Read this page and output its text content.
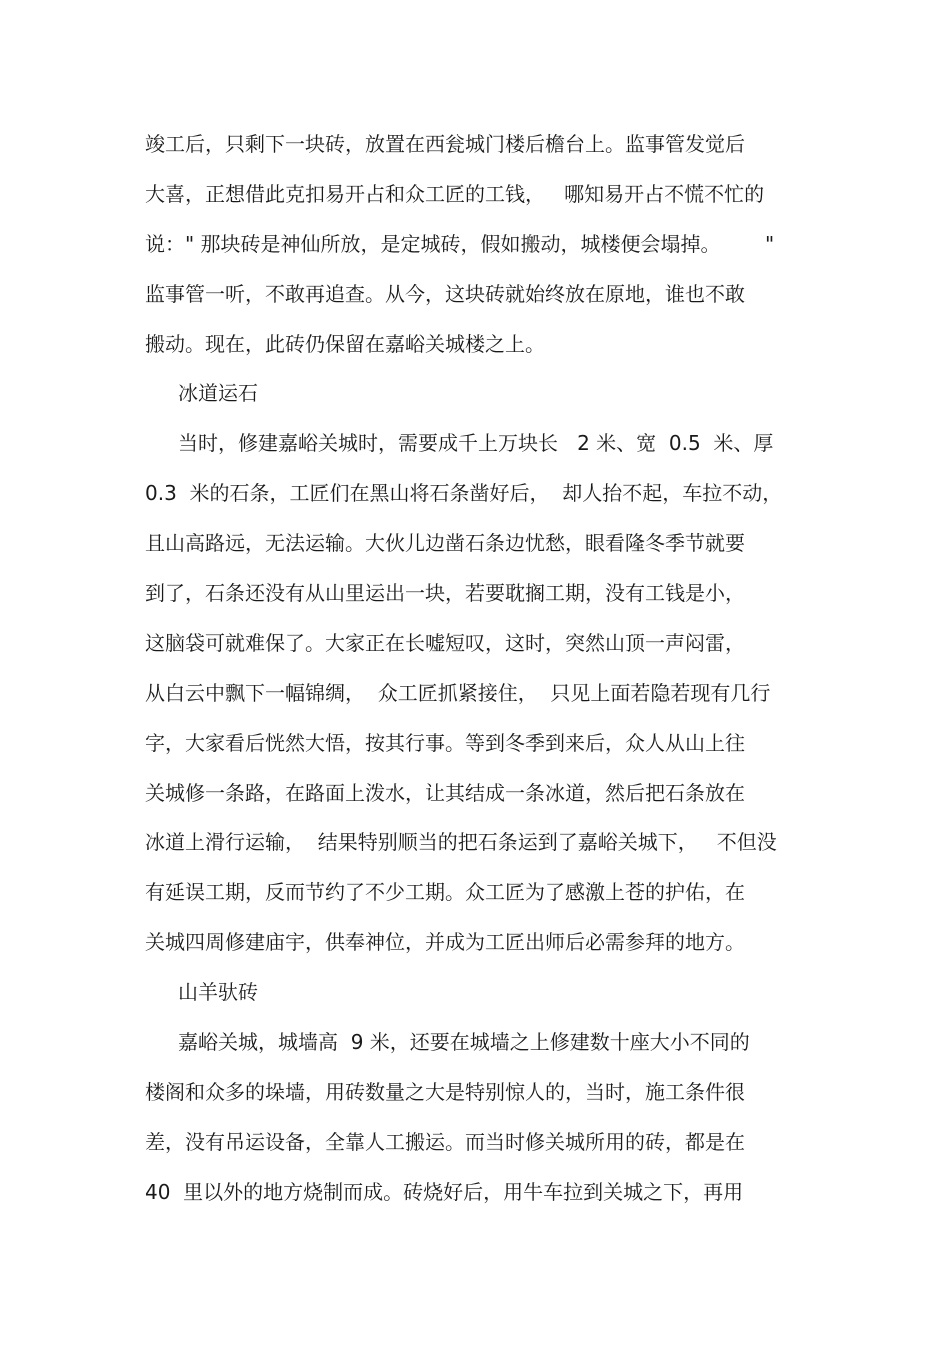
竣工后，只剩下一块砖，放置在西瓮城门楼后檐台上。监事管发觉后
大喜，正想借此克扣易开占和众工匠的工钱，   哪知易开占不慌不忙的
说：" 那块砖是神仙所放，是定城砖，假如搬动，城楼便会塌掉。       "
监事管一听，不敢再追查。从今，这块砖就始终放在原地，谁也不敢
搬动。现在，此砖仍保留在嘉峪关城楼之上。
冰道运石
当时，修建嘉峪关城时，需要成千上万块长   2 米、宽  0.5  米、厚
0.3  米的石条，工匠们在黑山将石条凿好后，  却人抬不起，车拉不动，
且山高路远，无法运输。大伙儿边凿石条边忧愁，眼看隆冬季节就要
到了，石条还没有从山里运出一块，若要耽搁工期，没有工钱是小，
这脑袋可就难保了。大家正在长嘘短叹，这时，突然山顶一声闷雷，
从白云中飘下一幅锦绸，  众工匠抓紧接住，  只见上面若隐若现有几行
字，大家看后恍然大悟，按其行事。等到冬季到来后，众人从山上往
关城修一条路，在路面上泼水，让其结成一条冰道，然后把石条放在
冰道上滑行运输，  结果特别顺当的把石条运到了嘉峪关城下，   不但没
有延误工期，反而节约了不少工期。众工匠为了感激上苍的护佑，在
关城四周修建庙宇，供奉神位，并成为工匠出师后必需参拜的地方。
山羊驮砖
嘉峪关城，城墙高  9 米，还要在城墙之上修建数十座大小不同的
楼阁和众多的垛墙，用砖数量之大是特别惊人的，当时，施工条件很
差，没有吊运设备，全靠人工搬运。而当时修关城所用的砖，都是在
40  里以外的地方烧制而成。砖烧好后，用牛车拉到关城之下，再用
